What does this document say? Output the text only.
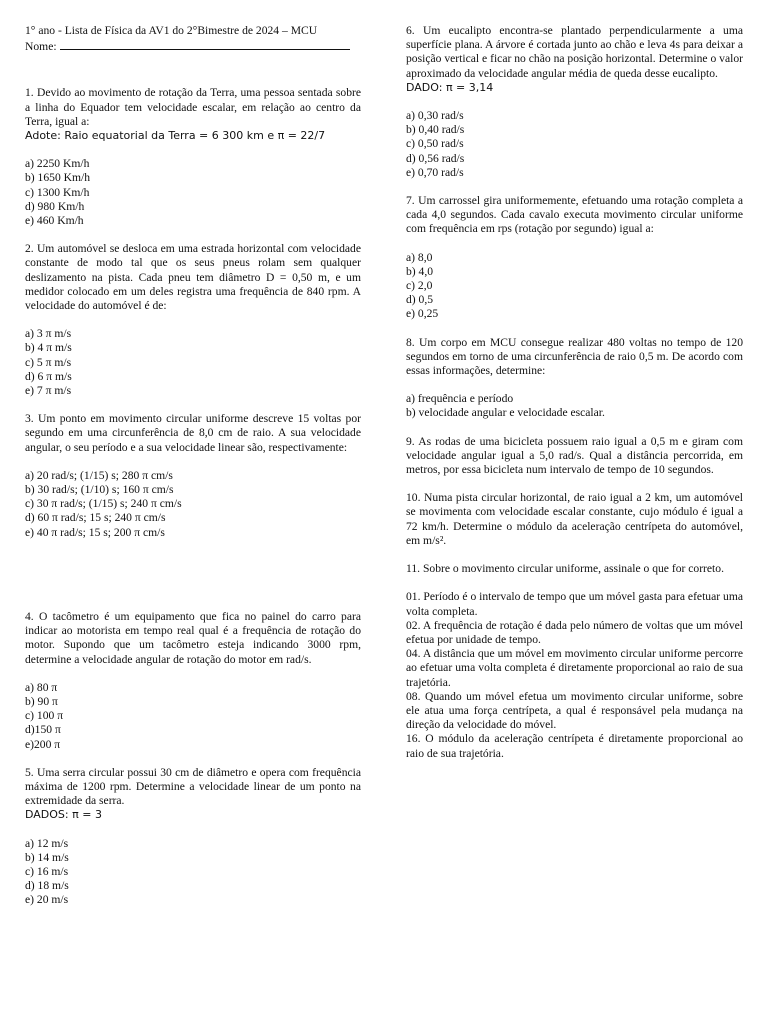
1° ano - Lista de Física da AV1 do 2°Bimestre de 2024 – MCU

Nome:

1. Devido ao movimento de rotação da Terra, uma pessoa sentada sobre a linha do Equador tem velocidade escalar, em relação ao centro da Terra, igual a:

Adote: Raio equatorial da Terra = 6 300 km e π = 22/7

a) 2250 Km/h

b) 1650 Km/h

c) 1300 Km/h

d) 980 Km/h

e) 460 Km/h

2. Um automóvel se desloca em uma estrada horizontal com velocidade constante de modo tal que os seus pneus rolam sem qualquer deslizamento na pista. Cada pneu tem diâmetro D = 0,50 m, e um medidor colocado em um deles registra uma frequência de 840 rpm. A velocidade do automóvel é de:

a) 3 π m/s

b) 4 π m/s

c) 5 π m/s

d) 6 π m/s

e) 7 π m/s

3. Um ponto em movimento circular uniforme descreve 15 voltas por segundo em uma circunferência de 8,0 cm de raio. A sua velocidade angular, o seu período e a sua velocidade linear são, respectivamente:

a) 20 rad/s; (1/15) s; 280 π cm/s

b) 30 rad/s; (1/10) s; 160 π cm/s

c) 30 π rad/s; (1/15) s; 240 π cm/s

d) 60 π rad/s; 15 s; 240 π cm/s

e) 40 π rad/s; 15 s; 200 π cm/s

4. O tacômetro é um equipamento que fica no painel do carro para indicar ao motorista em tempo real qual é a frequência de rotação do motor. Supondo que um tacômetro esteja indicando 3000 rpm, determine a velocidade angular de rotação do motor em rad/s.

a) 80 π

b) 90 π

c) 100 π

d)150 π

e)200 π

5. Uma serra circular possui 30 cm de diâmetro e opera com frequência máxima de 1200 rpm. Determine a velocidade linear de um ponto na extremidade da serra.

DADOS: π = 3

a) 12 m/s

b) 14 m/s

c) 16 m/s

d) 18 m/s

e) 20 m/s

6. Um eucalipto encontra-se plantado perpendicularmente a uma superfície plana. A árvore é cortada junto ao chão e leva 4s para deixar a posição vertical e ficar no chão na posição horizontal. Determine o valor aproximado da velocidade angular média de queda desse eucalipto.

DADO: π = 3,14

a) 0,30 rad/s

b) 0,40 rad/s

c) 0,50 rad/s

d) 0,56 rad/s

e) 0,70 rad/s

7. Um carrossel gira uniformemente, efetuando uma rotação completa a cada 4,0 segundos. Cada cavalo executa movimento circular uniforme com frequência em rps (rotação por segundo) igual a:

a) 8,0

b) 4,0

c) 2,0

d) 0,5

e) 0,25

8. Um corpo em MCU consegue realizar 480 voltas no tempo de 120 segundos em torno de uma circunferência de raio 0,5 m. De acordo com essas informações, determine:

a) frequência e período

b) velocidade angular e velocidade escalar.

9. As rodas de uma bicicleta possuem raio igual a 0,5 m e giram com velocidade angular igual a 5,0 rad/s. Qual a distância percorrida, em metros, por essa bicicleta num intervalo de tempo de 10 segundos.

10. Numa pista circular horizontal, de raio igual a 2 km, um automóvel se movimenta com velocidade escalar constante, cujo módulo é igual a 72 km/h. Determine o módulo da aceleração centrípeta do automóvel, em m/s².

11. Sobre o movimento circular uniforme, assinale o que for correto.

01. Período é o intervalo de tempo que um móvel gasta para efetuar uma volta completa.

02. A frequência de rotação é dada pelo número de voltas que um móvel efetua por unidade de tempo.

04. A distância que um móvel em movimento circular uniforme percorre ao efetuar uma volta completa é diretamente proporcional ao raio de sua trajetória.

08. Quando um móvel efetua um movimento circular uniforme, sobre ele atua uma força centrípeta, a qual é responsável pela mudança na direção da velocidade do móvel.

16. O módulo da aceleração centrípeta é diretamente proporcional ao raio de sua trajetória.
